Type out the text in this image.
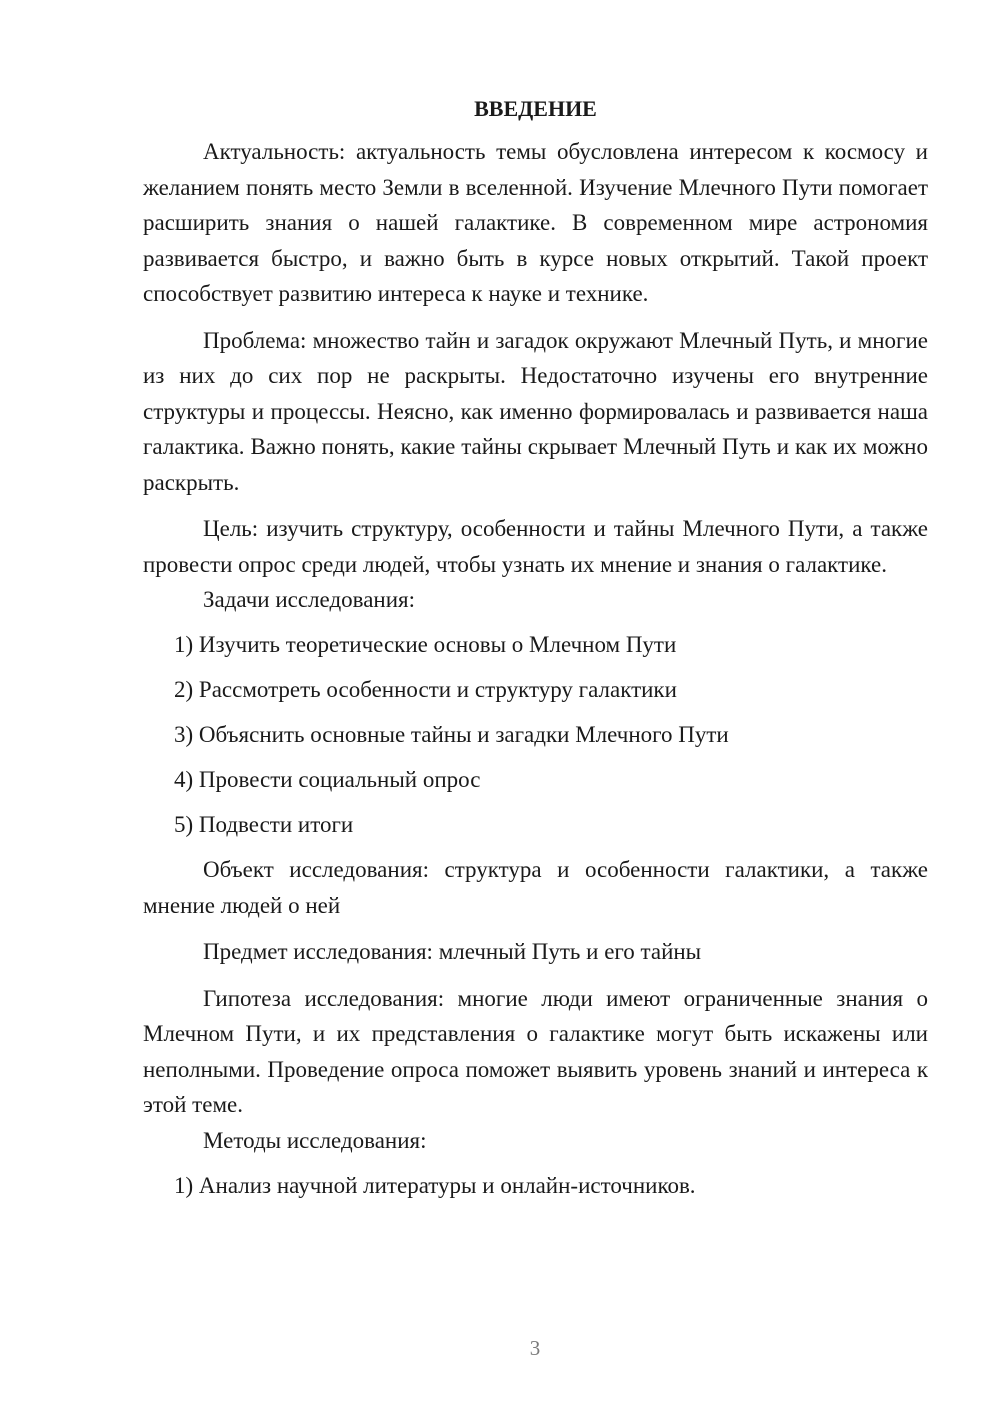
ВВЕДЕНИЕ

Актуальность: актуальность темы обусловлена интересом к космосу и желанием понять место Земли в вселенной. Изучение Млечного Пути помогает расширить знания о нашей галактике. В современном мире астрономия развивается быстро, и важно быть в курсе новых открытий. Такой проект способствует развитию интереса к науке и технике.

Проблема: множество тайн и загадок окружают Млечный Путь, и многие из них до сих пор не раскрыты. Недостаточно изучены его внутренние структуры и процессы. Неясно, как именно формировалась и развивается наша галактика. Важно понять, какие тайны скрывает Млечный Путь и как их можно раскрыть.

Цель: изучить структуру, особенности и тайны Млечного Пути, а также провести опрос среди людей, чтобы узнать их мнение и знания о галактике.

Задачи исследования:

1) Изучить теоретические основы о Млечном Пути
2) Рассмотреть особенности и структуру галактики
3) Объяснить основные тайны и загадки Млечного Пути
4) Провести социальный опрос
5) Подвести итоги

Объект исследования: структура и особенности галактики, а также мнение людей о ней

Предмет исследования: млечный Путь и его тайны

Гипотеза исследования: многие люди имеют ограниченные знания о Млечном Пути, и их представления о галактике могут быть искажены или неполными. Проведение опроса поможет выявить уровень знаний и интереса к этой теме.

Методы исследования:

1) Анализ научной литературы и онлайн-источников.
3
